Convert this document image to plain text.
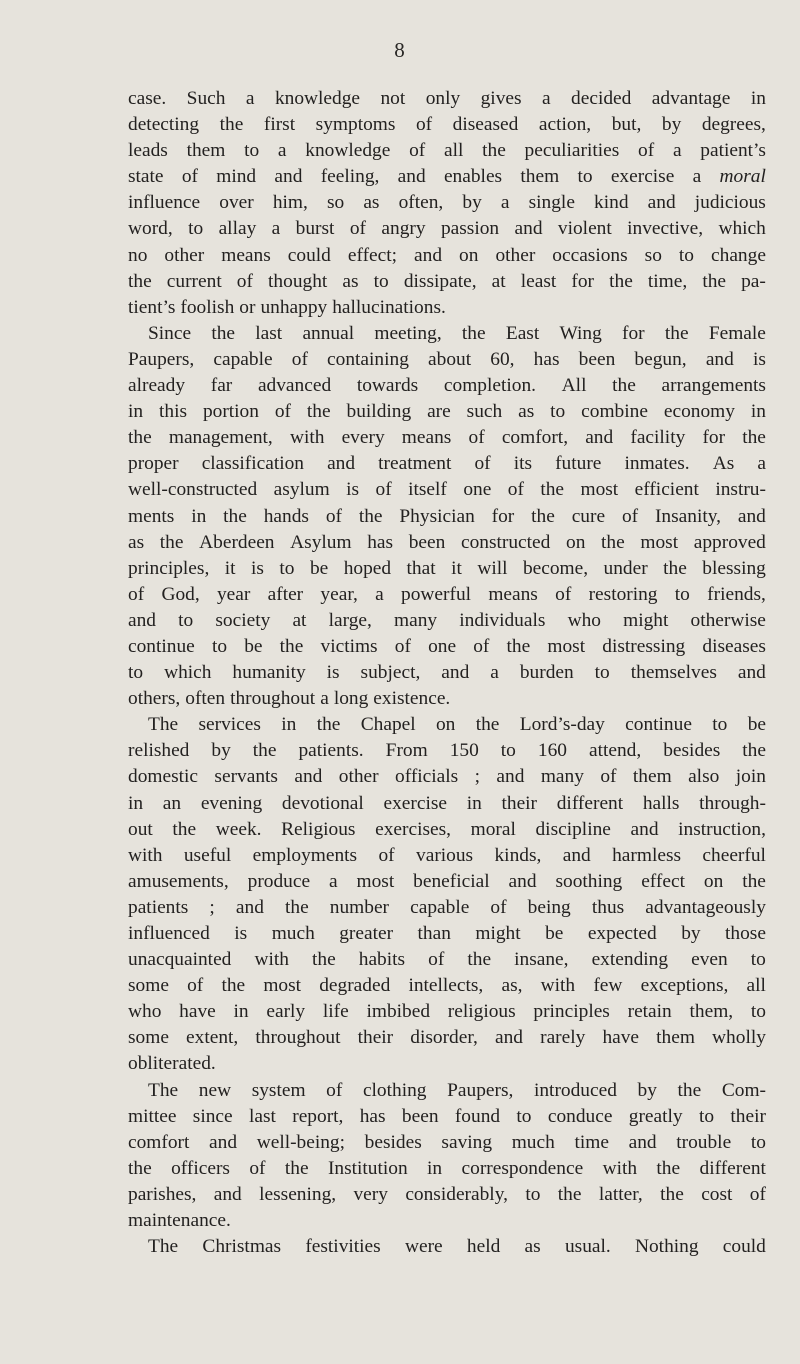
8
case. Such a knowledge not only gives a decided advantage in
detecting the first symptoms of diseased action, but, by degrees,
leads them to a knowledge of all the peculiarities of a patient’s
state of mind and feeling, and enables them to exercise a moral
influence over him, so as often, by a single kind and judicious
word, to allay a burst of angry passion and violent invective, which
no other means could effect; and on other occasions so to change
the current of thought as to dissipate, at least for the time, the pa-
tient’s foolish or unhappy hallucinations.
Since the last annual meeting, the East Wing for the Female
Paupers, capable of containing about 60, has been begun, and is
already far advanced towards completion. All the arrangements
in this portion of the building are such as to combine economy in
the management, with every means of comfort, and facility for the
proper classification and treatment of its future inmates. As a
well-constructed asylum is of itself one of the most efficient instru-
ments in the hands of the Physician for the cure of Insanity, and
as the Aberdeen Asylum has been constructed on the most approved
principles, it is to be hoped that it will become, under the blessing
of God, year after year, a powerful means of restoring to friends,
and to society at large, many individuals who might otherwise
continue to be the victims of one of the most distressing diseases
to which humanity is subject, and a burden to themselves and
others, often throughout a long existence.
The services in the Chapel on the Lord’s-day continue to be
relished by the patients. From 150 to 160 attend, besides the
domestic servants and other officials ; and many of them also join
in an evening devotional exercise in their different halls through-
out the week. Religious exercises, moral discipline and instruction,
with useful employments of various kinds, and harmless cheerful
amusements, produce a most beneficial and soothing effect on the
patients ; and the number capable of being thus advantageously
influenced is much greater than might be expected by those
unacquainted with the habits of the insane, extending even to
some of the most degraded intellects, as, with few exceptions, all
who have in early life imbibed religious principles retain them, to
some extent, throughout their disorder, and rarely have them wholly
obliterated.
The new system of clothing Paupers, introduced by the Com-
mittee since last report, has been found to conduce greatly to their
comfort and well-being; besides saving much time and trouble to
the officers of the Institution in correspondence with the different
parishes, and lessening, very considerably, to the latter, the cost of
maintenance.
The Christmas festivities were held as usual. Nothing could
